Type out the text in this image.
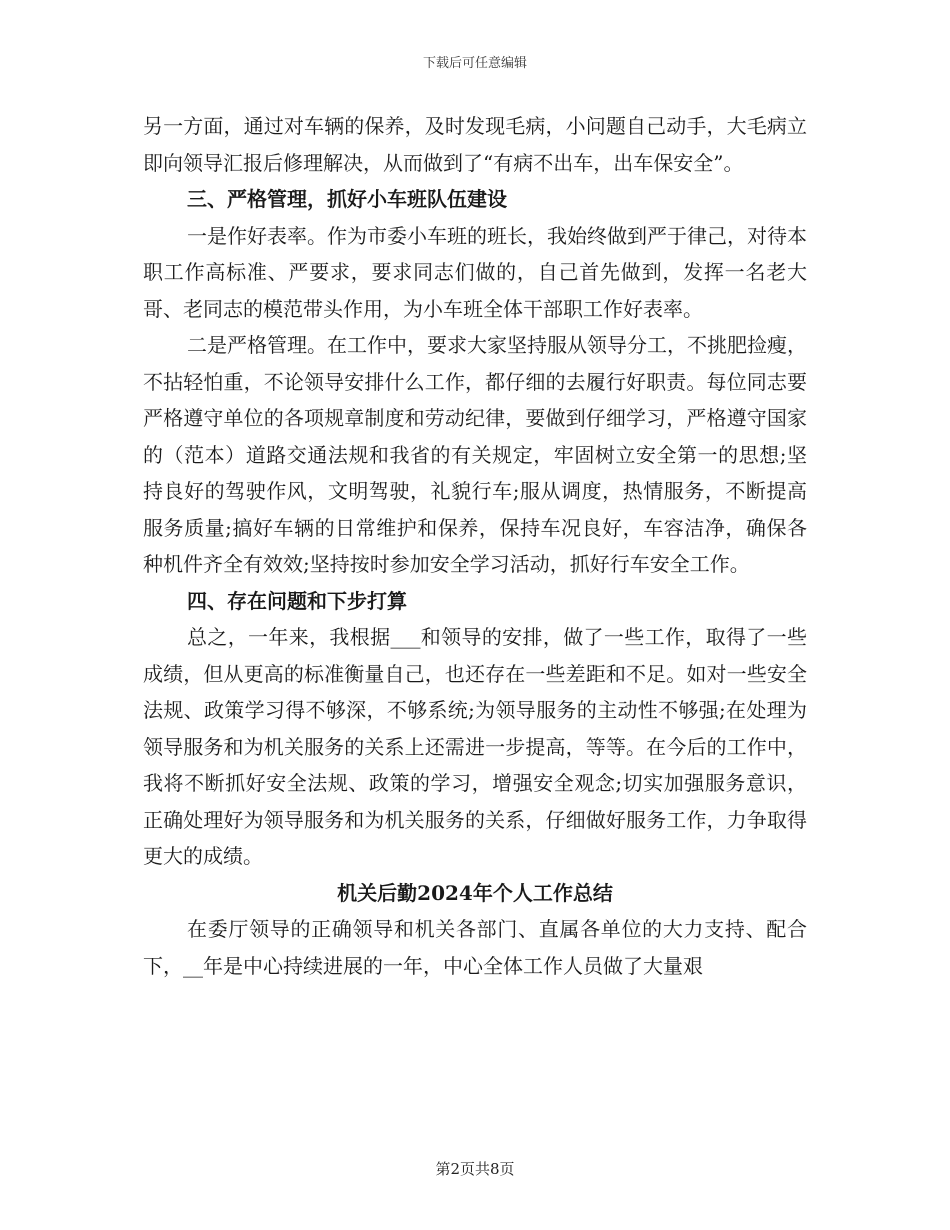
下载后可任意编辑

另一方面，通过对车辆的保养，及时发现毛病，小问题自己动手，大毛病立即向领导汇报后修理解决，从而做到了“有病不出车，出车保安全”。

三、严格管理，抓好小车班队伍建设

一是作好表率。作为市委小车班的班长，我始终做到严于律己，对待本职工作高标准、严要求，要求同志们做的，自己首先做到，发挥一名老大哥、老同志的模范带头作用，为小车班全体干部职工作好表率。

二是严格管理。在工作中，要求大家坚持服从领导分工，不挑肥捡瘦，不拈轻怕重，不论领导安排什么工作，都仔细的去履行好职责。每位同志要严格遵守单位的各项规章制度和劳动纪律，要做到仔细学习，严格遵守国家的（范本）道路交通法规和我省的有关规定，牢固树立安全第一的思想;坚持良好的驾驶作风，文明驾驶，礼貌行车;服从调度，热情服务，不断提高服务质量;搞好车辆的日常维护和保养，保持车况良好，车容洁净，确保各种机件齐全有效效;坚持按时参加安全学习活动，抓好行车安全工作。

四、存在问题和下步打算

总之，一年来，我根据___和领导的安排，做了一些工作，取得了一些成绩，但从更高的标准衡量自己，也还存在一些差距和不足。如对一些安全法规、政策学习得不够深，不够系统;为领导服务的主动性不够强;在处理为领导服务和为机关服务的关系上还需进一步提高，等等。在今后的工作中，我将不断抓好安全法规、政策的学习，增强安全观念;切实加强服务意识，正确处理好为领导服务和为机关服务的关系，仔细做好服务工作，力争取得更大的成绩。

机关后勤2024年个人工作总结

在委厅领导的正确领导和机关各部门、直属各单位的大力支持、配合下，__年是中心持续进展的一年，中心全体工作人员做了大量艰

第2页共8页
